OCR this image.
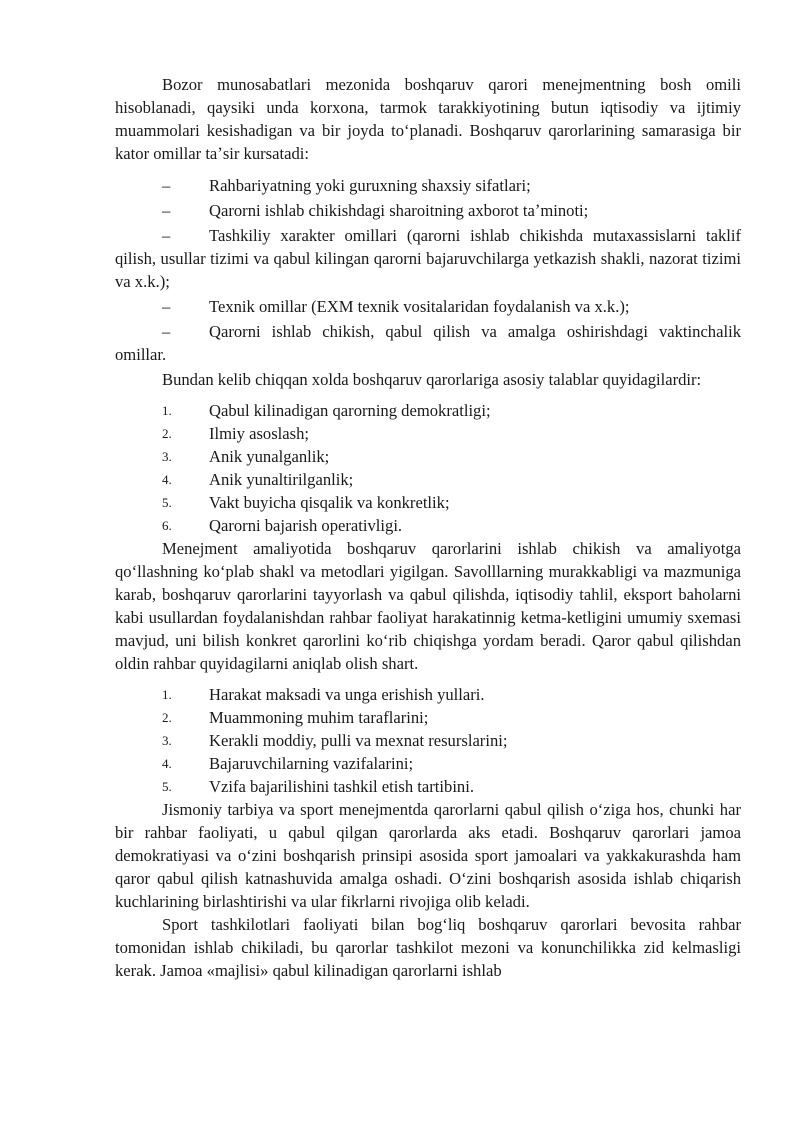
Bozor munosabatlari mezonida boshqaruv qarori menejmentning bosh omili hisoblanadi, qaysiki unda korxona, tarmok tarakkiyotining butun iqtisodiy va ijtimiy muammolari kesishadigan va bir joyda toʻplanadi. Boshqaruv qarorlarining samarasiga bir kator omillar taʼsir kursatadi:

– Rahbariyatning yoki guruxning shaxsiy sifatlari;

– Qarorni ishlab chikishdagi sharoitning axborot taʼminoti;

– Tashkiliy xarakter omillari (qarorni ishlab chikishda mutaxassislarni taklif qilish, usullar tizimi va qabul kilingan qarorni bajaruvchilarga yetkazish shakli, nazorat tizimi va x.k.);

– Texnik omillar (EXM texnik vositalaridan foydalanish va x.k.);

– Qarorni ishlab chikish, qabul qilish va amalga oshirishdagi vaktinchalik omillar.

Bundan kelib chiqqan xolda boshqaruv qarorlariga asosiy talablar quyidagilardir:

1. Qabul kilinadigan qarorning demokratligi;

2. Ilmiy asoslash;

3. Anik yunalganlik;

4. Anik yunaltirilganlik;

5. Vakt buyicha qisqalik va konkretlik;

6. Qarorni bajarish operativligi.

Menejment amaliyotida boshqaruv qarorlarini ishlab chikish va amaliyotga qoʻllashning koʻplab shakl va metodlari yigilgan. Savolllarning murakkabligi va mazmuniga karab, boshqaruv qarorlarini tayyorlash va qabul qilishda, iqtisodiy tahlil, eksport baholarni kabi usullardan foydalanishdan rahbar faoliyat harakatinnig ketma-ketligini umumiy sxemasi mavjud, uni bilish konkret qarorlini koʻrib chiqishga yordam beradi. Qaror qabul qilishdan oldin rahbar quyidagilarni aniqlab olish shart.

1. Harakat maksadi va unga erishish yullari.

2. Muammoning muhim taraflarini;

3. Kerakli moddiy, pulli va mexnat resurslarini;

4. Bajaruvchilarning vazifalarini;

5. Vzifa bajarilishini tashkil etish tartibini.

Jismoniy tarbiya va sport menejmentda qarorlarni qabul qilish oʻziga hos, chunki har bir rahbar faoliyati, u qabul qilgan qarorlarda aks etadi. Boshqaruv qarorlari jamoa demokratiyasi va oʻzini boshqarish prinsipi asosida sport jamoalari va yakkakurashda ham qaror qabul qilish katnashuvida amalga oshadi. Oʻzini boshqarish asosida ishlab chiqarish kuchlarining birlashtirishi va ular fikrlarni rivojiga olib keladi.

Sport tashkilotlari faoliyati bilan bogʻliq boshqaruv qarorlari bevosita rahbar tomonidan ishlab chikiladi, bu qarorlar tashkilot mezoni va konunchilikka zid kelmasligi kerak. Jamoa «majlisi» qabul kilinadigan qarorlarni ishlab
